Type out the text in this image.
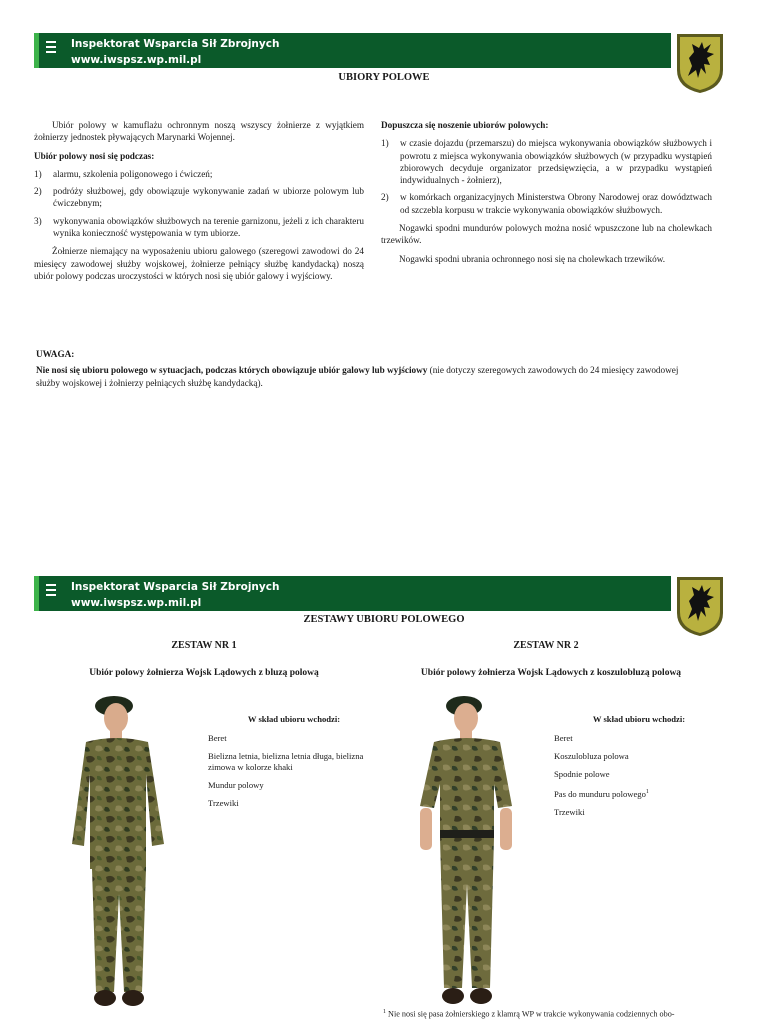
Inspektorat Wsparcia Sił Zbrojnych
www.iwspsz.wp.mil.pl
UBIORY POLOWE

Ubiór polowy w kamuflażu ochronnym noszą wszyscy żołnierze z wyjątkiem żołnierzy jednostek pływających Marynarki Wojennej.

Ubiór polowy nosi się podczas:

1) alarmu, szkolenia poligonowego i ćwiczeń;
2) podróży służbowej, gdy obowiązuje wykonywanie zadań w ubiorze polowym lub ćwiczebnym;
3) wykonywania obowiązków służbowych na terenie garnizonu, jeżeli z ich charakteru wynika konieczność występowania w tym ubiorze.

Żołnierze niemający na wyposażeniu ubioru galowego (szeregowi zawodowi do 24 miesięcy zawodowej służby wojskowej, żołnierze pełniący służbę kandydacką) noszą ubiór polowy podczas uroczystości w których nosi się ubiór galowy i wyjściowy.

Dopuszcza się noszenie ubiorów polowych:

1) w czasie dojazdu (przemarszu) do miejsca wykonywania obowiązków służbowych i powrotu z miejsca wykonywania obowiązków służbowych (w przypadku wystąpień zbiorowych decyduje organizator przedsięwzięcia, a w przypadku wystąpień indywidualnych - żołnierz),
2) w komórkach organizacyjnych Ministerstwa Obrony Narodowej oraz dowództwach od szczebla korpusu w trakcie wykonywania obowiązków służbowych.

Nogawki spodni mundurów polowych można nosić wpuszczone lub na cholewkach trzewików.

Nogawki spodni ubrania ochronnego nosi się na cholewkach trzewików.

UWAGA:
Nie nosi się ubioru polowego w sytuacjach, podczas których obowiązuje ubiór galowy lub wyjściowy (nie dotyczy szeregowych zawodowych do 24 miesięcy zawodowej służby wojskowej i żołnierzy pełniących służbę kandydacką).
Inspektorat Wsparcia Sił Zbrojnych
www.iwspsz.wp.mil.pl
ZESTAWY UBIORU POLOWEGO
ZESTAW NR 1
Ubiór polowy żołnierza Wojsk Lądowych z bluzą polową
W skład ubioru wchodzi:
Beret
Bielizna letnia, bielizna letnia długa, bielizna zimowa w kolorze khaki
Mundur polowy
Trzewiki
ZESTAW NR 2
Ubiór polowy żołnierza Wojsk Lądowych z koszulobluzą polową
W skład ubioru wchodzi:
Beret
Koszulobluza polowa
Spodnie polowe
Pas do munduru polowego$^1$
Trzewiki
$^1$ Nie nosi się pasa żołnierskiego z klamrą WP w trakcie wykonywania codziennych obo-
